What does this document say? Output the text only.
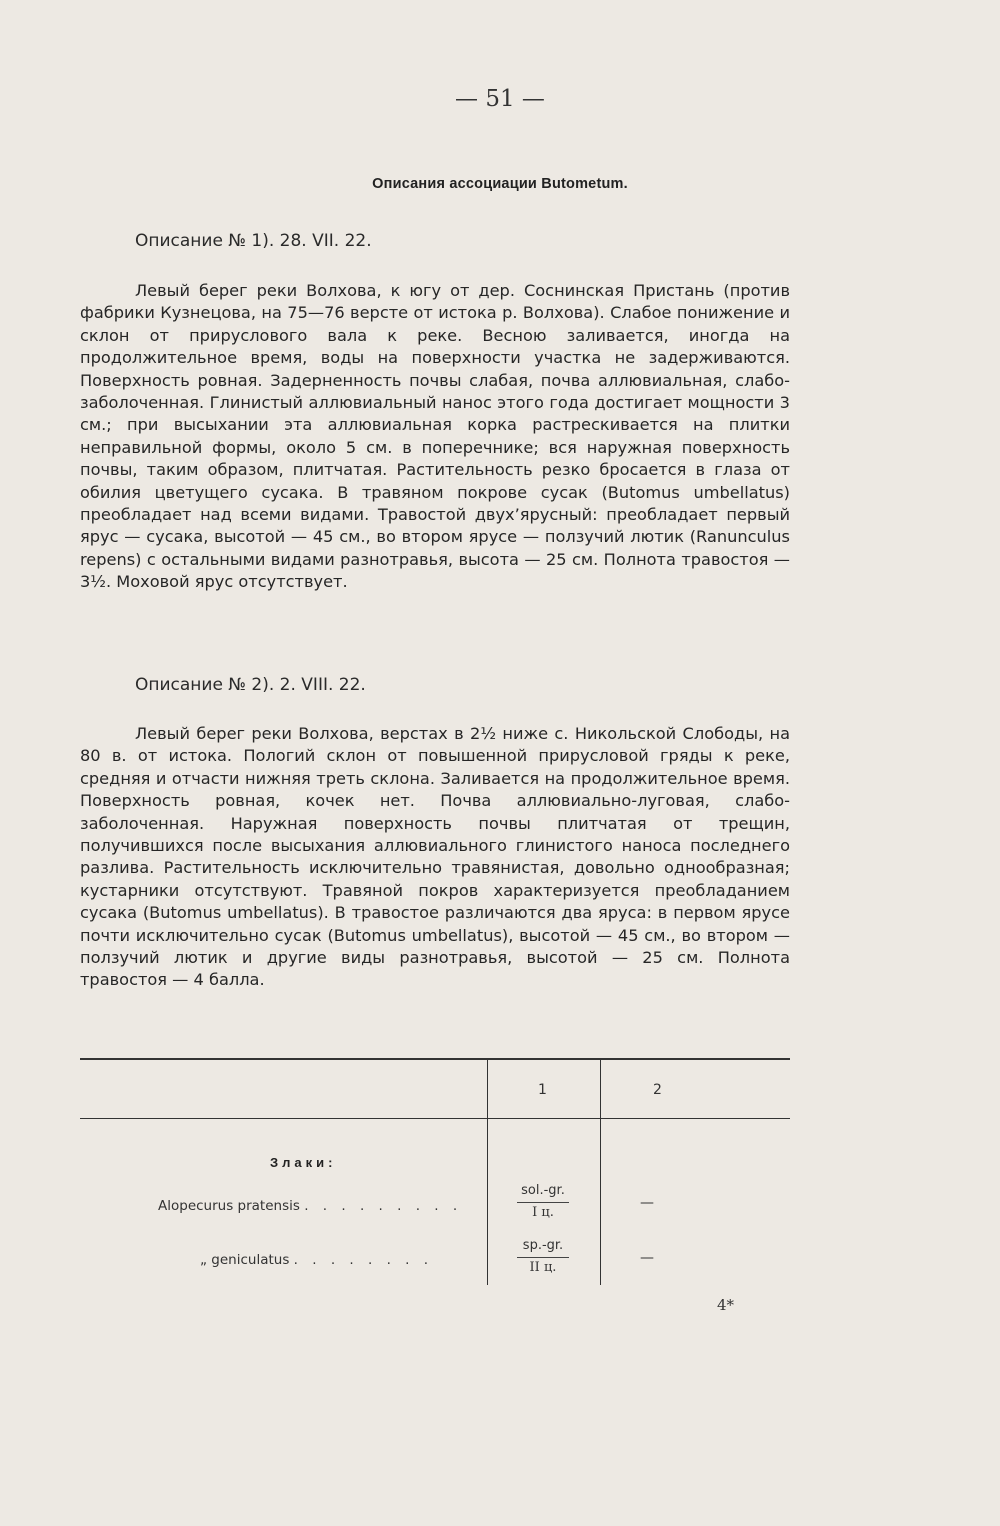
— 51 —
Описания ассоциации Butometum.
Описание № 1). 28. VII. 22.

Левый берег реки Волхова, к югу от дер. Соснинская Пристань (против фабрики Кузнецова, на 75—76 версте от истока р. Волхова). Слабое понижение и склон от прируслового вала к реке. Весною заливается, иногда на продолжительное время, воды на поверхности участка не задерживаются. Поверхность ровная. Задерненность почвы слабая, почва аллювиальная, слабо-заболоченная. Глинистый аллювиальный нанос этого года достигает мощности 3 см.; при высыхании эта аллювиальная корка растрескивается на плитки неправильной формы, около 5 см. в поперечнике; вся наружная поверхность почвы, таким образом, плитчатая. Растительность резко бросается в глаза от обилия цветущего сусака. В травяном покрове сусак (Butomus umbellatus) преобладает над всеми видами. Травостой двух’ярусный: преобладает первый ярус — сусака, высотой — 45 см., во втором ярусе — ползучий лютик (Ranunculus repens) с остальными видами разнотравья, высота — 25 см. Полнота травостоя — 3½. Моховой ярус отсутствует.

Описание № 2). 2. VIII. 22.

Левый берег реки Волхова, верстах в 2½ ниже с. Никольской Слободы, на 80 в. от истока. Пологий склон от повышенной прирусловой гряды к реке, средняя и отчасти нижняя треть склона. Заливается на продолжительное время. Поверхность ровная, кочек нет. Почва аллювиально-луговая, слабо-заболоченная. Наружная поверхность почвы плитчатая от трещин, получившихся после высыхания аллювиального глинистого наноса последнего разлива. Растительность исключительно травянистая, довольно однообразная; кустарники отсутствуют. Травяной покров характеризуется преобладанием сусака (Butomus umbellatus). В травостое различаются два яруса: в первом ярусе почти исключительно сусак (Butomus umbellatus), высотой — 45 см., во втором — ползучий лютик и другие виды разнотравья, высотой — 25 см. Полнота травостоя — 4 балла.

1	2
Злаки:
Alopecurus pratensis . . . . . . . . .
sol.-gr.
I ц.
—
„ geniculatus . . . . . . . .
sp.-gr.
II ц.
—
4*
